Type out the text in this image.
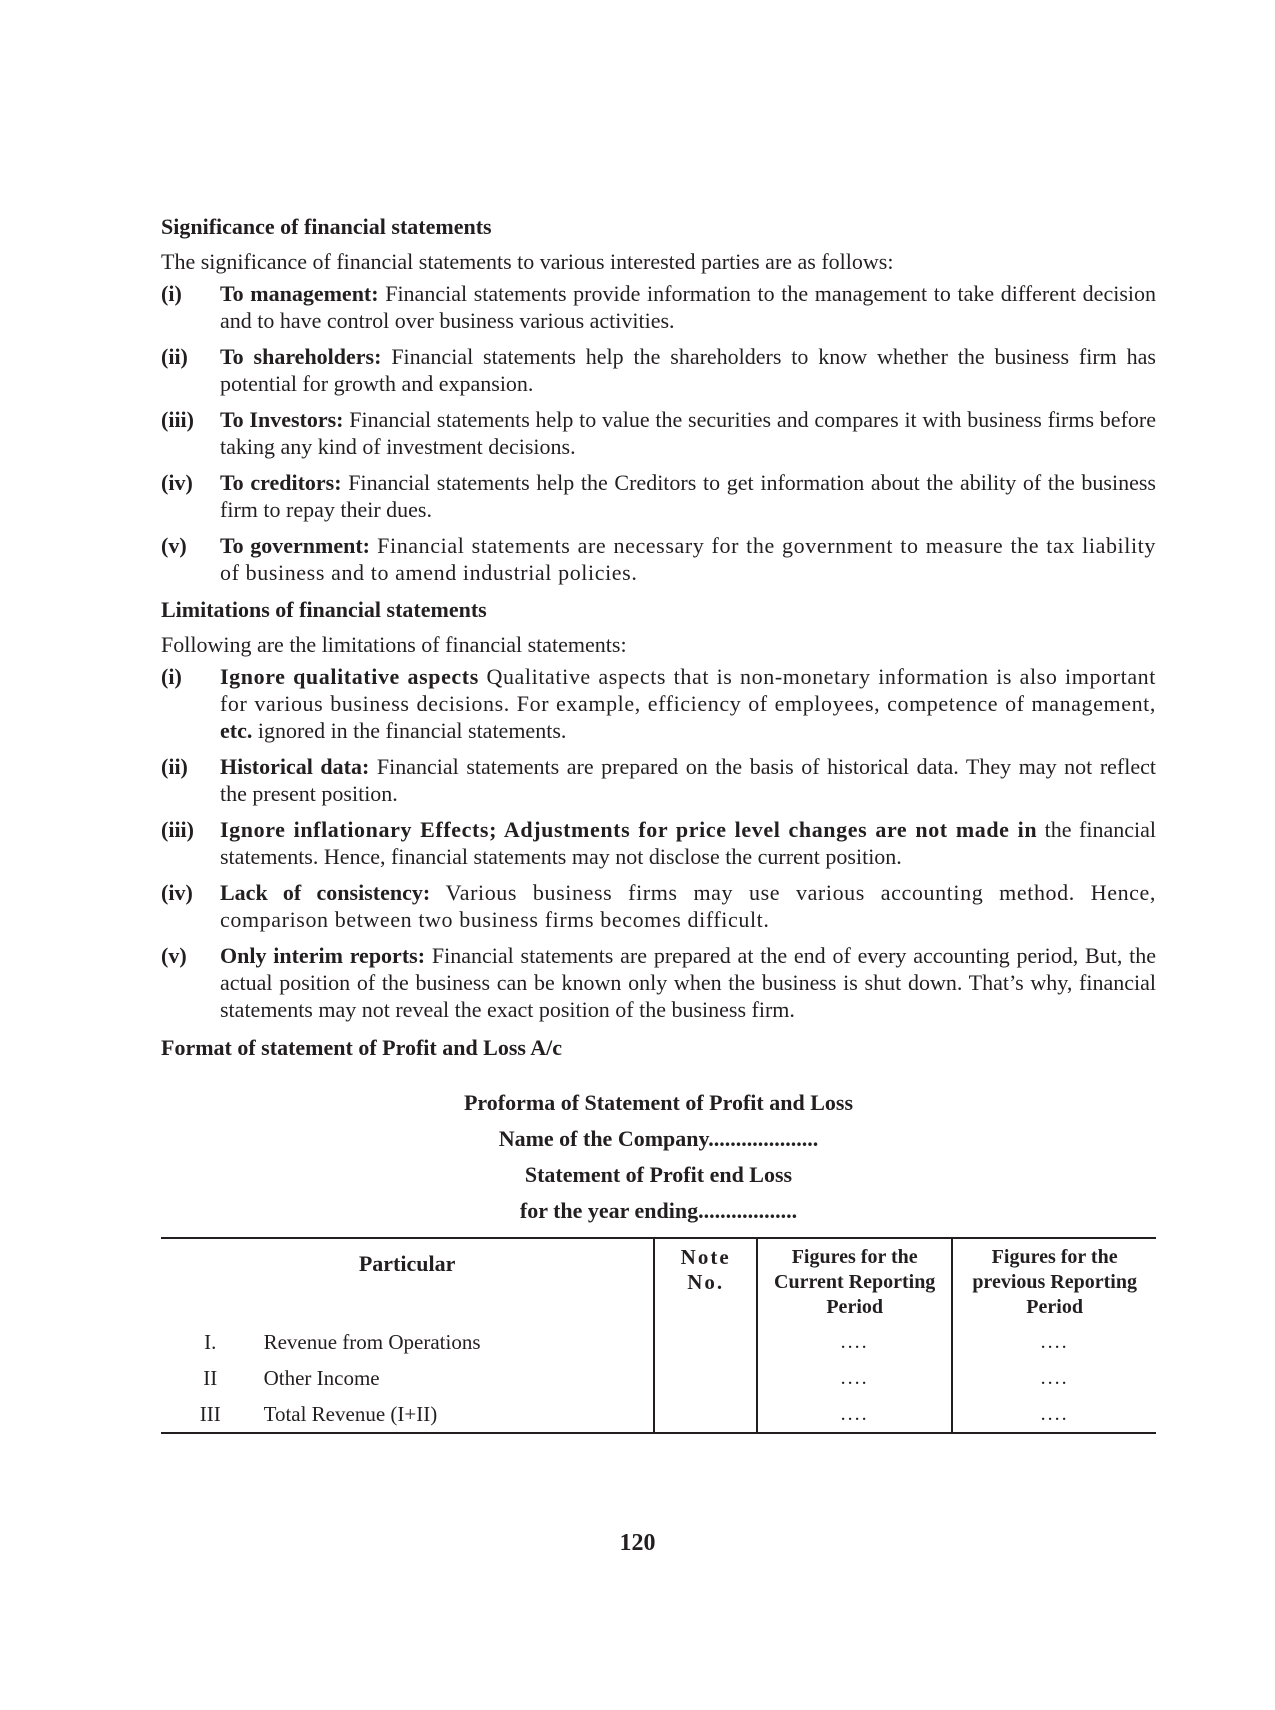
Significance of financial statements

The significance of financial statements to various interested parties are as follows:

(i)	To management: Financial statements provide information to the management to take different decision and to have control over business various activities.
(ii)	To shareholders: Financial statements help the shareholders to know whether the business firm has potential for growth and expansion.
(iii)	To Investors: Financial statements help to value the securities and compares it with business firms before taking any kind of investment decisions.
(iv)	To creditors: Financial statements help the Creditors to get information about the ability of the business firm to repay their dues.
(v)	To government: Financial statements are necessary for the government to measure the tax liability of business and to amend industrial policies.
Limitations of financial statements

Following are the limitations of financial statements:

(i)	Ignore qualitative aspects Qualitative aspects that is non-monetary information is also important for various business decisions. For example, efficiency of employees, competence of management, etc. ignored in the financial statements.
(ii)	Historical data: Financial statements are prepared on the basis of historical data. They may not reflect the present position.
(iii)	Ignore inflationary Effects; Adjustments for price level changes are not made in the financial statements. Hence, financial statements may not disclose the current position.
(iv)	Lack of consistency: Various business firms may use various accounting method. Hence, comparison between two business firms becomes difficult.
(v)	Only interim reports: Financial statements are prepared at the end of every accounting period, But, the actual position of the business can be known only when the business is shut down. That’s why, financial statements may not reveal the exact position of the business firm.
Format of statement of Profit and Loss A/c
Proforma of Statement of Profit and Loss
Name of the Company....................
Statement of Profit end Loss
for the year ending..................
Particular		Note No.	Figures for the Current Reporting Period	Figures for the previous Reporting Period
I.	Revenue from Operations		....	....
II	Other Income		....	....
III	Total Revenue (I+II)		....	....
120
